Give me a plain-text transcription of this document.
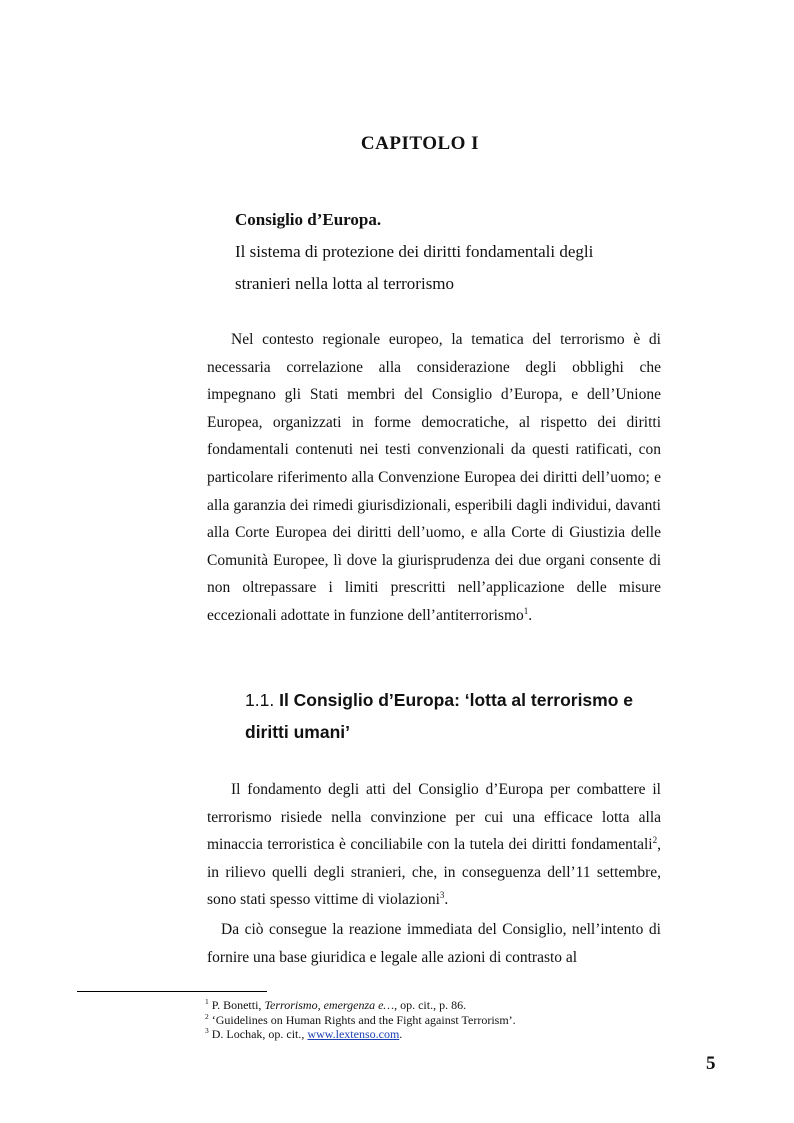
CAPITOLO I
Consiglio d’Europa.
Il sistema di protezione dei diritti fondamentali degli
stranieri nella lotta al terrorismo

Nel contesto regionale europeo, la tematica del terrorismo è di necessaria correlazione alla considerazione degli obblighi che impegnano gli Stati membri del Consiglio d’Europa, e dell’Unione Europea, organizzati in forme democratiche, al rispetto dei diritti fondamentali contenuti nei testi convenzionali da questi ratificati, con particolare riferimento alla Convenzione Europea dei diritti dell’uomo; e alla garanzia dei rimedi giurisdizionali, esperibili dagli individui, davanti alla Corte Europea dei diritti dell’uomo, e alla Corte di Giustizia delle Comunità Europee, lì dove la giurisprudenza dei due organi consente di non oltrepassare i limiti prescritti nell’applicazione delle misure eccezionali adottate in funzione dell’antiterrorismo$^1$.

1.1. Il Consiglio d’Europa: ‘lotta al terrorismo e
diritti umani’

Il fondamento degli atti del Consiglio d’Europa per combattere il terrorismo risiede nella convinzione per cui una efficace lotta alla minaccia terroristica è conciliabile con la tutela dei diritti fondamentali$^2$, in rilievo quelli degli stranieri, che, in conseguenza dell’11 settembre, sono stati spesso vittime di violazioni$^3$.

Da ciò consegue la reazione immediata del Consiglio, nell’intento di fornire una base giuridica e legale alle azioni di contrasto al

$^1$ P. Bonetti, Terrorismo, emergenza e…, op. cit., p. 86.
$^2$ ‘Guidelines on Human Rights and the Fight against Terrorism’.
$^3$ D. Lochak, op. cit., www.lextenso.com.
5
